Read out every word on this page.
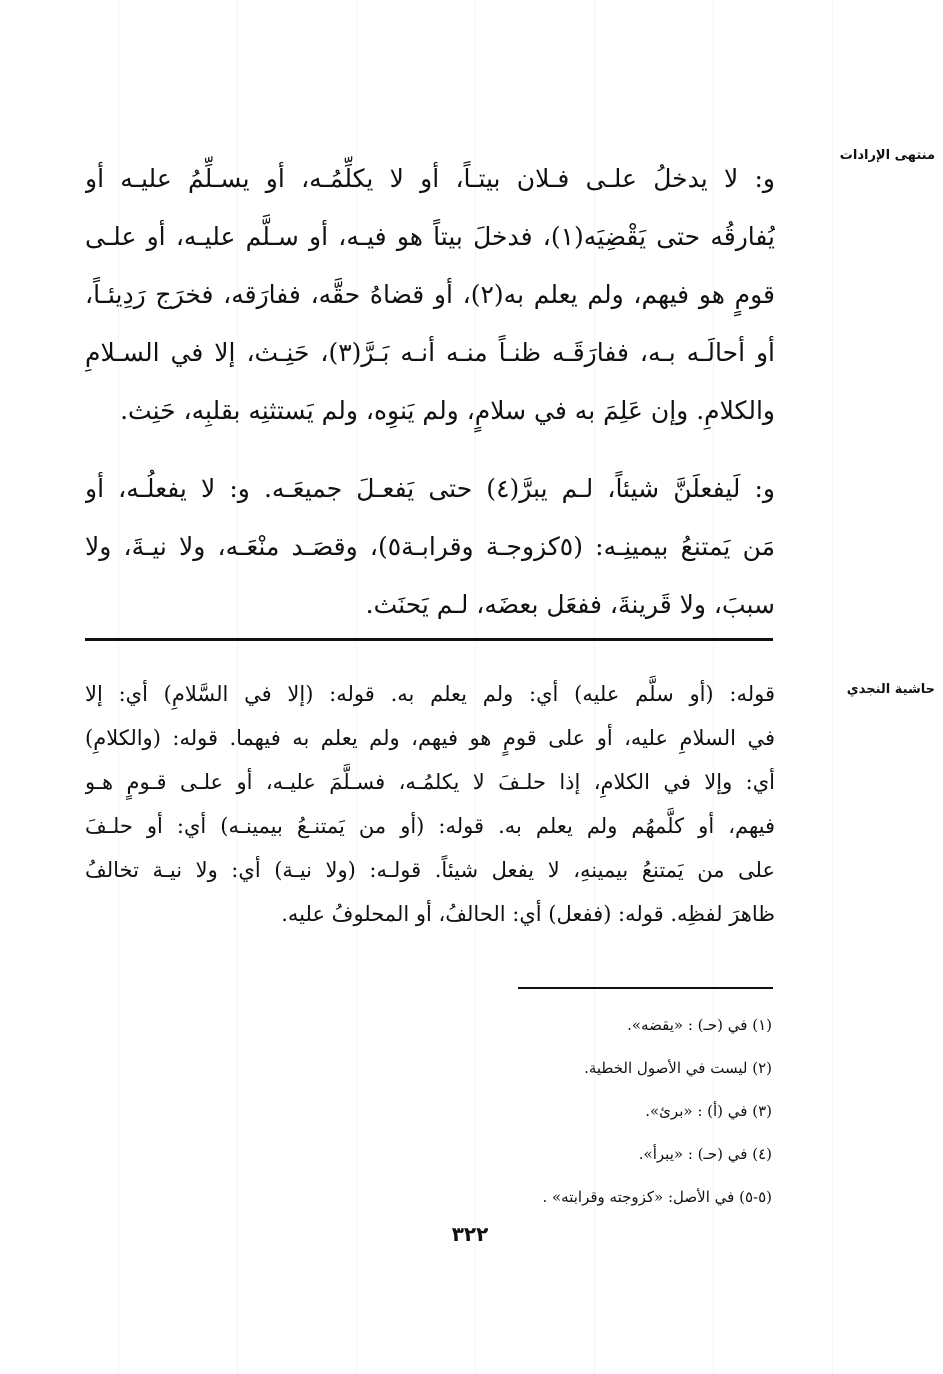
منتهى الإرادات
و: لا يدخلُ علـى فـلان بيتـاً، أو لا يكلِّمُـه، أو يسـلِّمُ عليـه أو
يُفارقُه حتى يَقْضِيَه(١)، فدخلَ بيتاً هو فيـه، أو سـلَّم عليـه، أو علـى
قومٍ هو فيهم، ولم يعلم به(٢)، أو قضاهُ حقَّه، ففارَقه، فخرَج رَدِيئـاً،
أو أحالَـه بـه، ففارَقَـه ظنـاً منـه أنـه بَـرَّ(٣)، حَنِـث، إلا في السـلامِ
والكلامِ. وإن عَلِمَ به في سلامٍ، ولم يَنوِه، ولم يَستثنِه بقلبِه، حَنِث.
و: لَيفعلَنَّ شيئاً، لـم يبرَّ(٤) حتى يَفعـلَ جميعَـه. و: لا يفعلُـه، أو
مَن يَمتنعُ بيمينِـه: (٥كزوجـة وقرابـة٥)، وقصَـد منْعَـه، ولا نيـةَ، ولا
سببَ، ولا قَرينةَ، ففعَل بعضَه، لـم يَحنَث.
حاشية النجدي
قوله: (أو سلَّم عليه) أي: ولم يعلم به. قوله: (إلا في السَّلامِ) أي: إلا
في السلامِ عليه، أو على قومٍ هو فيهم، ولم يعلم به فيهما. قوله: (والكلامِ)
أي: وإلا في الكلامِ، إذا حلـفَ لا يكلمُـه، فسـلَّمَ عليـه، أو علـى قـومٍ هـو
فيهم، أو كلَّمهُم ولم يعلم به. قوله: (أو من يَمتنـعُ بيمينـه) أي: أو حلـفَ
على من يَمتنعُ بيمينهِ، لا يفعل شيئاً. قولـه: (ولا نيـة) أي: ولا نيـة تخالفُ
ظاهرَ لفظِه. قوله: (ففعل) أي: الحالفُ، أو المحلوفُ عليه.
(١) في (حـ) : «يقضه».
(٢) ليست في الأصول الخطية.
(٣) في (أ) : «برئ».
(٤) في (حـ) : «يبرأ».
(٥-٥) في الأصل: «كزوجته وقرابته» .
٣٢٢
